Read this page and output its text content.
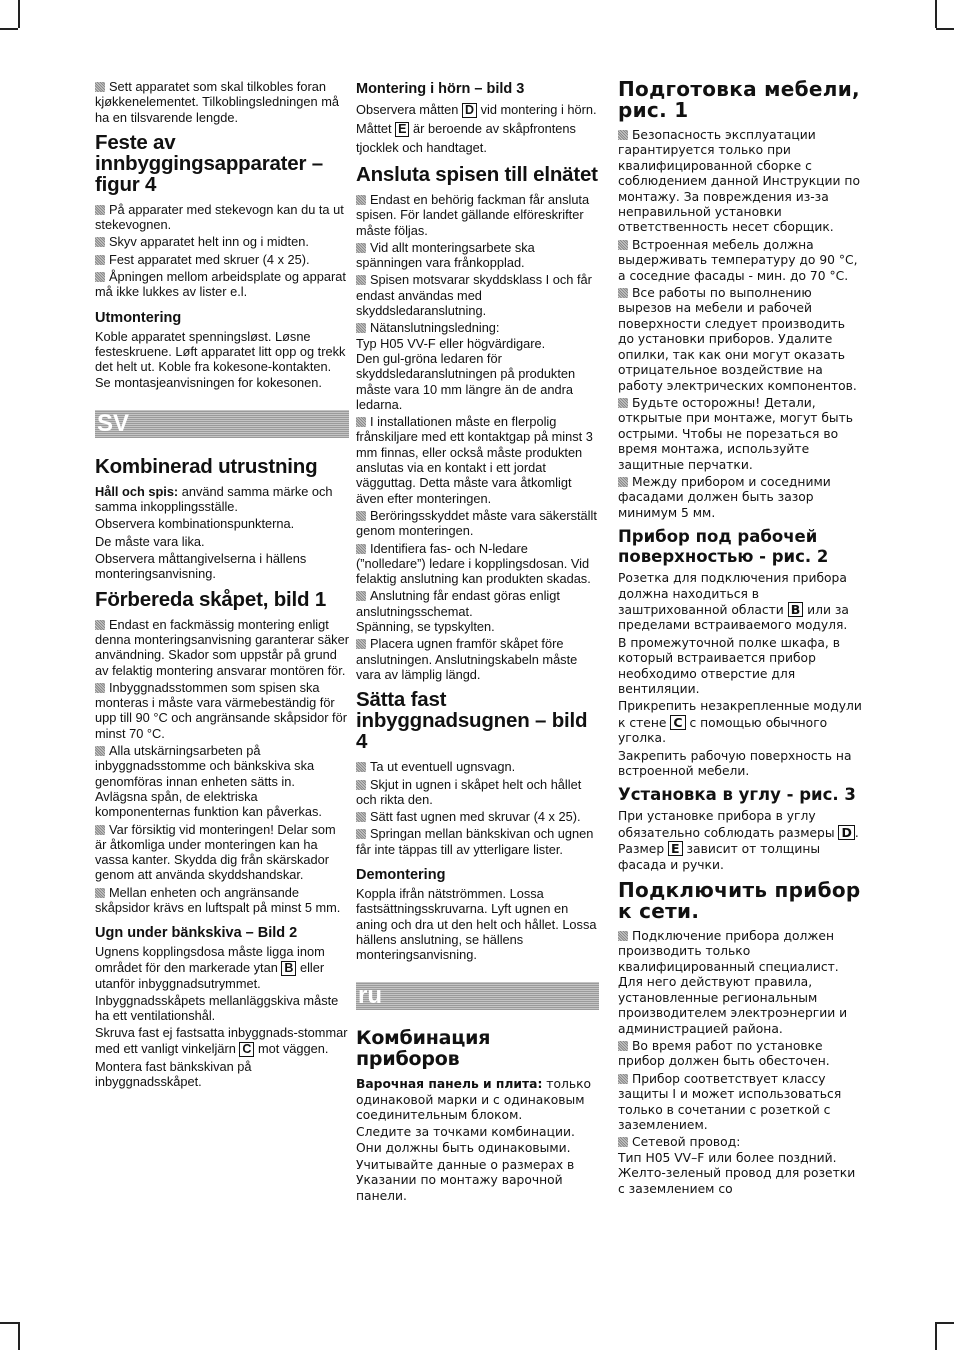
Sett apparatet som skal tilkobles foran kjøkkenelementet. Tilkoblingsledningen må ha en tilsvarende lengde.

Feste av innbyggingsapparater – figur 4

På apparater med stekevogn kan du ta ut stekevognen.

Skyv apparatet helt inn og i midten.

Fest apparatet med skruer (4 x 25).

Åpningen mellom arbeidsplate og apparat må ikke lukkes av lister e.l.

Utmontering

Koble apparatet spenningsløst. Løsne festeskruene. Løft apparatet litt opp og trekk det helt ut. Koble fra kokesone-kontakten. Se montasjeanvisningen for kokesonen.

SV
Kombinerad utrustning

Håll och spis: använd samma märke och samma inkopplingsställe.

Observera kombinationspunkterna.

De måste vara lika.

Observera måttangivelserna i hällens monteringsanvisning.

Förbereda skåpet, bild 1

Endast en fackmässig montering enligt denna monteringsanvisning garanterar säker användning. Skador som uppstår på grund av felaktig montering ansvarar montören för.

Inbyggnadsstommen som spisen ska monteras i måste vara värmebeständig för upp till 90 °C och angränsande skåpsidor för minst 70 °C.

Alla utskärningsarbeten på inbyggnadsstomme och bänkskiva ska genomföras innan enheten sätts in. Avlägsna spån, de elektriska komponenternas funktion kan påverkas.

Var försiktig vid monteringen! Delar som är åtkomliga under monteringen kan ha vassa kanter. Skydda dig från skärskador genom att använda skyddshandskar.

Mellan enheten och angränsande skåpsidor krävs en luftspalt på minst 5 mm.

Ugn under bänkskiva – Bild 2

Ugnens kopplingsdosa måste ligga inom området för den markerade ytan B eller utanför inbyggnadsutrymmet.

Inbyggnadsskåpets mellanläggskiva måste ha ett ventilationshål.

Skruva fast ej fastsatta inbyggnads-stommar med ett vanligt vinkeljärn C mot väggen.

Montera fast bänkskivan på inbyggnadsskåpet.

Montering i hörn – bild 3

Observera måtten D vid montering i hörn. Måttet E är beroende av skåpfrontens tjocklek och handtaget.

Ansluta spisen till elnätet

Endast en behörig fackman får ansluta spisen. För landet gällande elföreskrifter måste följas.

Vid allt monteringsarbete ska spänningen vara frånkopplad.

Spisen motsvarar skyddsklass I och får endast användas med skyddsledaranslutning.

Nätanslutningsledning:

Typ H05 VV-F eller högvärdigare.

Den gul-gröna ledaren för skyddsledaranslutningen på produkten måste vara 10 mm längre än de andra ledarna.

I installationen måste en flerpolig frånskiljare med ett kontaktgap på minst 3 mm finnas, eller också måste produkten anslutas via en kontakt i ett jordat vägguttag. Detta måste vara åtkomligt även efter monteringen.

Beröringsskyddet måste vara säkerställt genom monteringen.

Identifiera fas- och N-ledare (”nolledare”) ledare i kopplingsdosan. Vid felaktig anslutning kan produkten skadas.

Anslutning får endast göras enligt anslutningsschemat.

Spänning, se typskylten.

Placera ugnen framför skåpet före anslutningen. Anslutningskabeln måste vara av lämplig längd.

Sätta fast inbyggnadsugnen – bild 4

Ta ut eventuell ugnsvagn.

Skjut in ugnen i skåpet helt och hållet och rikta den.

Sätt fast ugnen med skruvar (4 x 25).

Springan mellan bänkskivan och ugnen får inte täppas till av ytterligare lister.

Demontering

Koppla ifrån nätströmmen. Lossa fastsättningsskruvarna. Lyft ugnen en aning och dra ut den helt och hållet. Lossa hällens anslutning, se hällens monteringsanvisning.

ru
Комбинация приборов

Варочная панель и плита: только одинаковой марки и с одинаковым соединительным блоком.

Следите за точками комбинации. Они должны быть одинаковыми.

Учитывайте данные о размерах в Указании по монтажу варочной панели.

Подготовка мебели, рис. 1

Безопасность эксплуатации гарантируется только при квалифицированной сборке с соблюдением данной Инструкции по монтажу. За повреждения из-за неправильной установки ответственность несет сборщик.

Встроенная мебель должна выдерживать температуру до 90 °C, а соседние фасады - мин. до 70 °C.

Все работы по выполнению вырезов на мебели и рабочей поверхности следует производить до установки приборов. Удалите опилки, так как они могут оказать отрицательное воздействие на работу электрических компонентов.

Будьте осторожны! Детали, открытые при монтаже, могут быть острыми. Чтобы не порезаться во время монтажа, используйте защитные перчатки.

Между прибором и соседними фасадами должен быть зазор минимум 5 мм.

Прибор под рабочей поверхностью - рис. 2

Розетка для подключения прибора должна находиться в заштрихованной области B или за пределами встраиваемого модуля.

В промежуточной полке шкафа, в который встраивается прибор необходимо отверстие для вентиляции.

Прикрепить незакрепленные модули к стене C с помощью обычного уголка.

Закрепить рабочую поверхность на встроенной мебели.

Установка в углу - рис. 3

При установке прибора в углу обязательно соблюдать размеры D . Размер E зависит от толщины фасада и ручки.

Подключить прибор к сети.

Подключение прибора должен производить только квалифицированный специалист. Для него действуют правила, установленные региональным производителем электроэнергии и администрацией района.

Во время работ по установке прибор должен быть обесточен.

Прибор соответствует классу защиты I и может использоваться только в сочетании с розеткой с заземлением.

Сетевой провод:

Тип H05 VV–F или более поздний. Желто-зеленый провод для розетки с заземлением со
